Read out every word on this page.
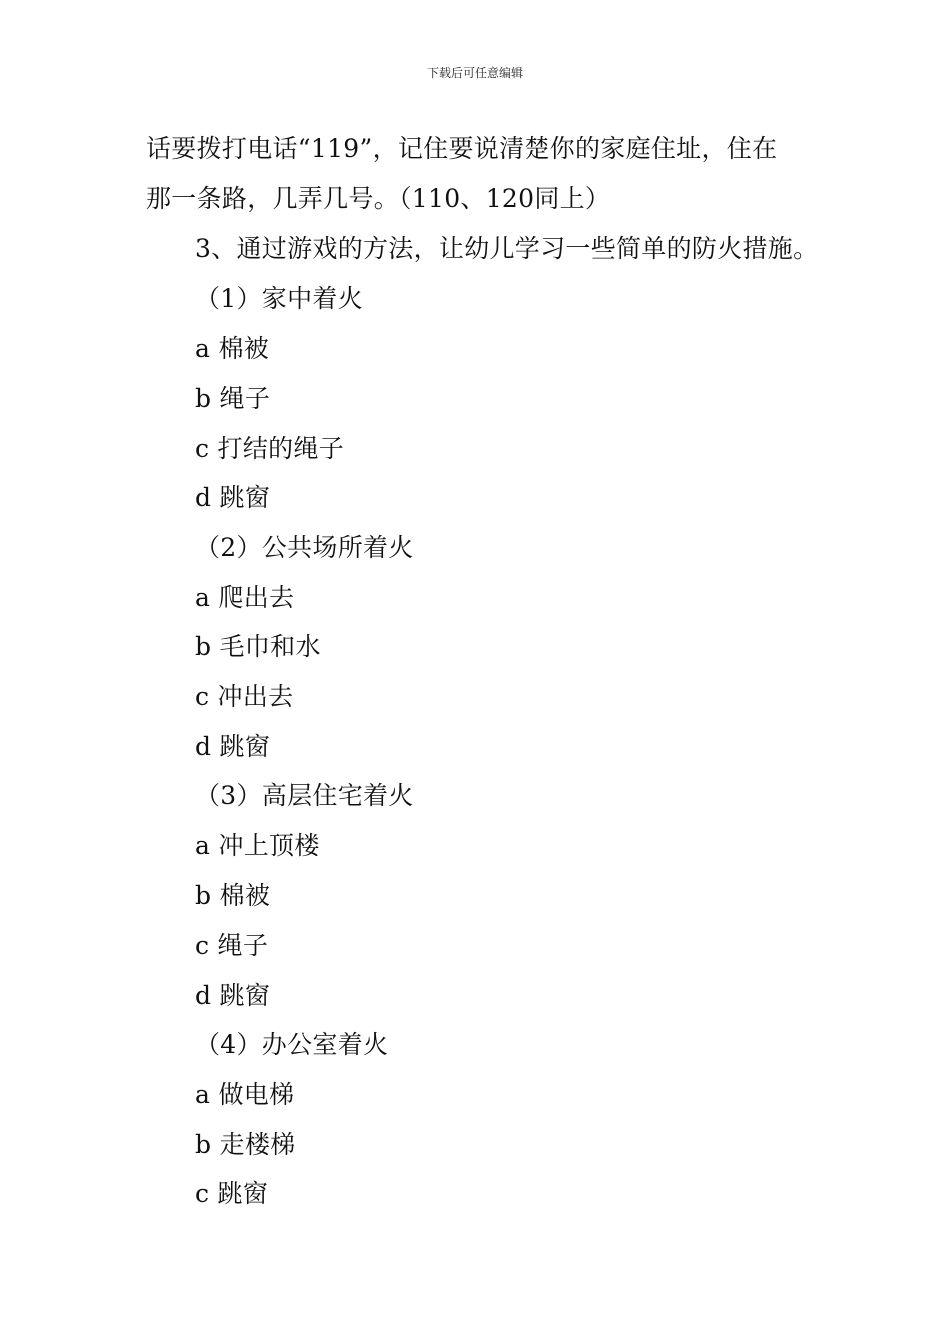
下载后可任意编辑
话要拨打电话“119”，记住要说清楚你的家庭住址，住在
那一条路，几弄几号。（110、120同上）
3、通过游戏的方法，让幼儿学习一些简单的防火措施。
（1）家中着火
a 棉被
b 绳子
c 打结的绳子
d 跳窗
（2）公共场所着火
a 爬出去
b 毛巾和水
c 冲出去
d 跳窗
（3）高层住宅着火
a 冲上顶楼
b 棉被
c 绳子
d 跳窗
（4）办公室着火
a 做电梯
b 走楼梯
c 跳窗
